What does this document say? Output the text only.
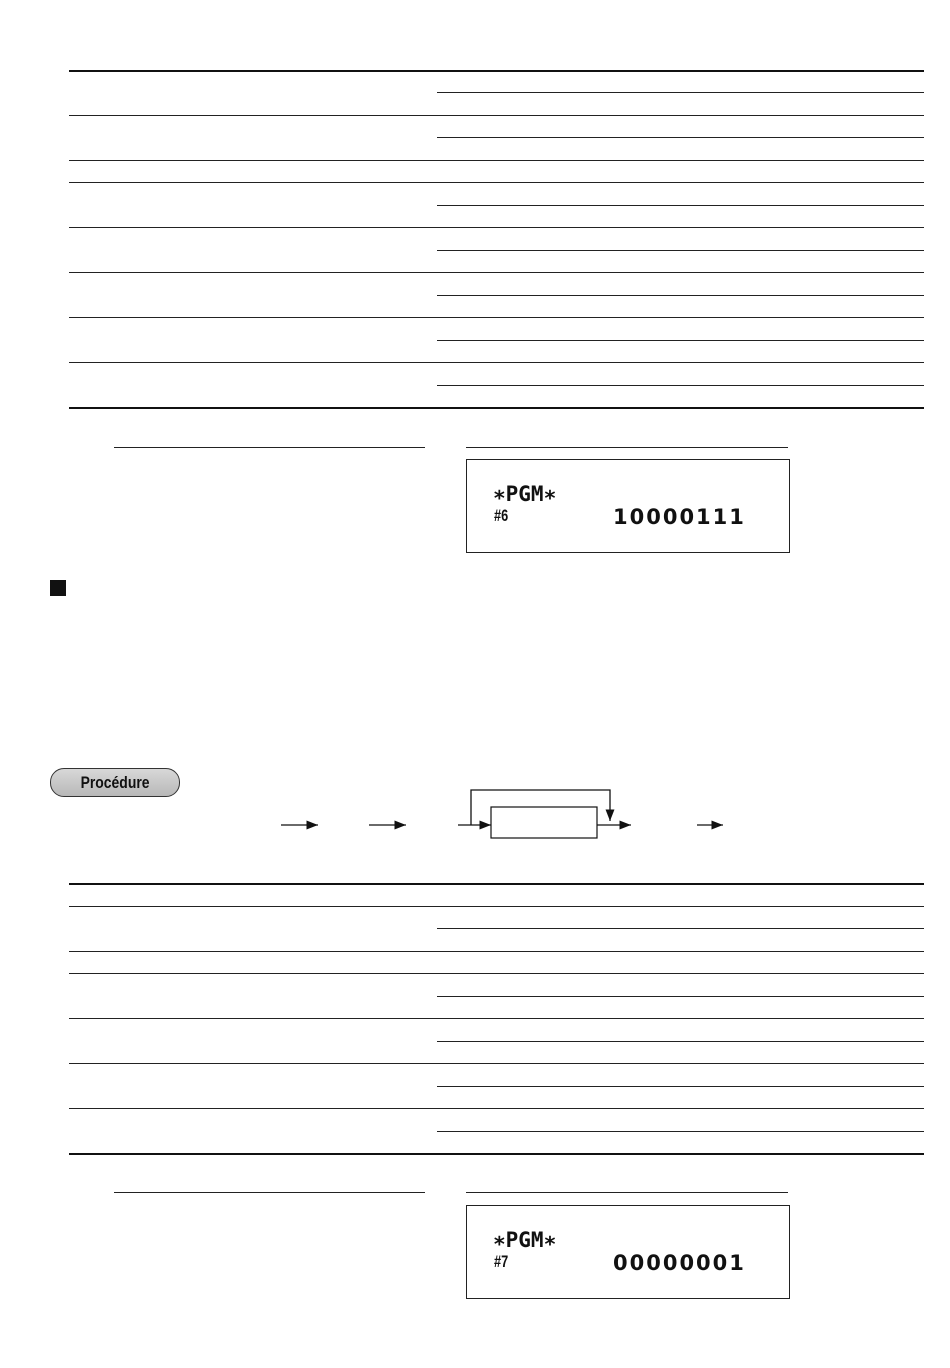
∗PGM∗
#6	10000111
Procédure
∗PGM∗
#7	00000001
